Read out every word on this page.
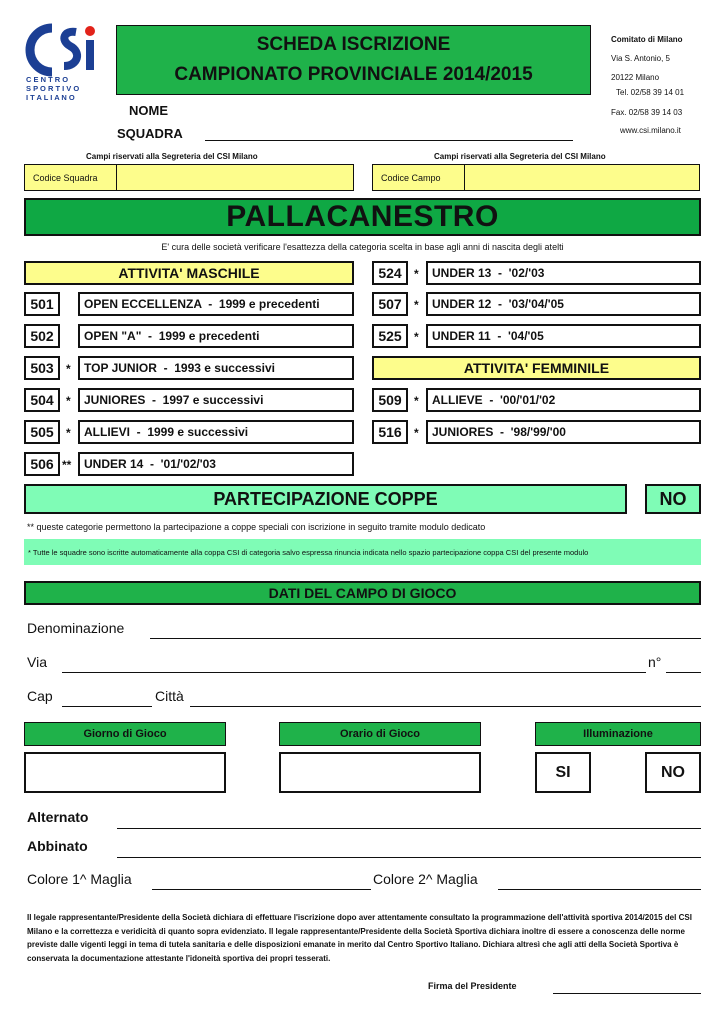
C E N T R O
S P O R T I V O
I T A L I A N O
SCHEDA ISCRIZIONE
CAMPIONATO PROVINCIALE 2014/2015
NOME
SQUADRA
Comitato di Milano
Via S. Antonio, 5
20122 Milano
Tel. 02/58 39 14 01
Fax. 02/58 39 14 03
www.csi.milano.it
Campi riservati alla Segreteria del CSI Milano	Campi riservati alla Segreteria del CSI Milano
Codice Squadra	Codice Campo
PALLACANESTRO
E' cura delle società verificare l'esattezza della categoria scelta in base agli anni di nascita degli atelti
ATTIVITA' MASCHILE
501	OPEN ECCELLENZA  -  1999 e precedenti
502	OPEN "A"  -  1999 e precedenti
503	*	TOP JUNIOR  -  1993 e successivi
504	*	JUNIORES  -  1997 e successivi
505	*	ALLIEVI  -  1999 e successivi
506 **	UNDER 14  -  '01/'02/'03
524	*	UNDER 13  -  '02/'03
507	*	UNDER 12  -  '03/'04/'05
525	*	UNDER 11  -  '04/'05
ATTIVITA' FEMMINILE
509	*	ALLIEVE  -  '00/'01/'02
516	*	JUNIORES  -  '98/'99/'00
PARTECIPAZIONE COPPE	NO
** queste categorie permettono la partecipazione a coppe speciali con iscrizione in seguito tramite modulo dedicato
* Tutte le squadre sono iscritte automaticamente alla coppa CSI di categoria salvo espressa rinuncia indicata nello spazio partecipazione coppa CSI del presente modulo
DATI DEL CAMPO DI GIOCO
Denominazione
Via	n°
Cap	Città
Giorno di Gioco	Orario di Gioco	Illuminazione
SI	NO
Alternato
Abbinato
Colore 1^ Maglia	Colore 2^ Maglia
Il legale rappresentante/Presidente della Società dichiara di effettuare l'iscrizione dopo aver attentamente consultato la programmazione dell'attività sportiva 2014/2015 del CSI Milano e la correttezza e veridicità di quanto sopra evidenziato. Il legale rappresentante/Presidente della Società Sportiva dichiara inoltre di essere a conoscenza delle norme previste dalle vigenti leggi in tema di tutela sanitaria e delle disposizioni emanate in merito dal Centro Sportivo Italiano. Dichiara altresì che agli atti della Società Sportiva è conservata la documentazione attestante l'idoneità sportiva dei propri tesserati.
Firma del Presidente
